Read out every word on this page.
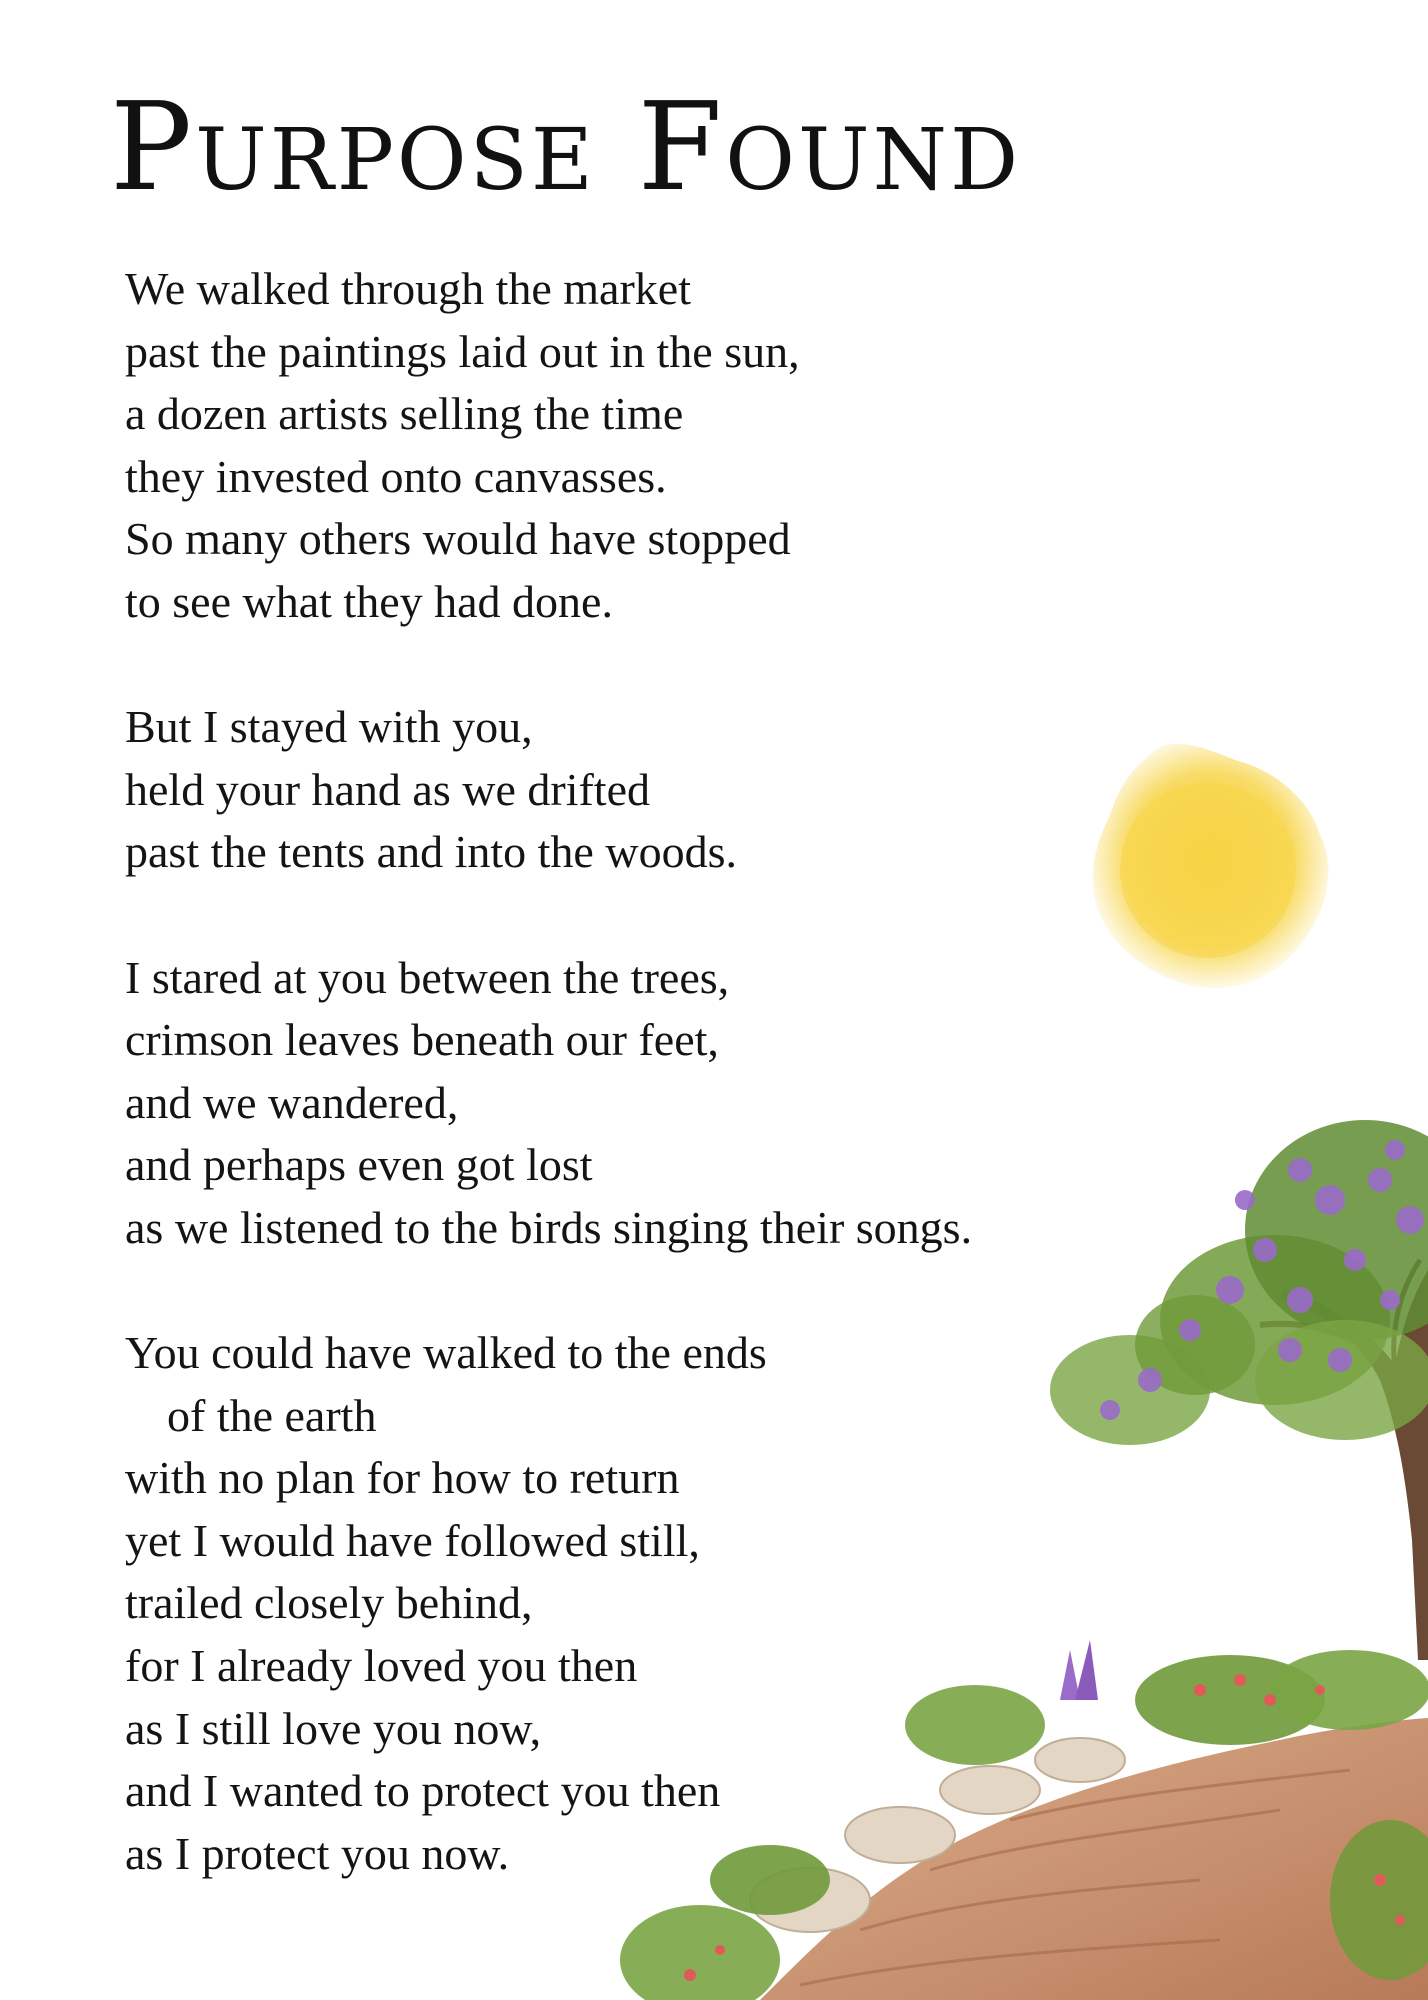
Purpose Found

We walked through the market
past the paintings laid out in the sun,
a dozen artists selling the time
they invested onto canvasses.
So many others would have stopped
to see what they had done.

But I stayed with you,
held your hand as we drifted
past the tents and into the woods.

I stared at you between the trees,
crimson leaves beneath our feet,
and we wandered,
and perhaps even got lost
as we listened to the birds singing their songs.

You could have walked to the ends
of the earth
with no plan for how to return
yet I would have followed still,
trailed closely behind,
for I already loved you then
as I still love you now,
and I wanted to protect you then
as I protect you now.
